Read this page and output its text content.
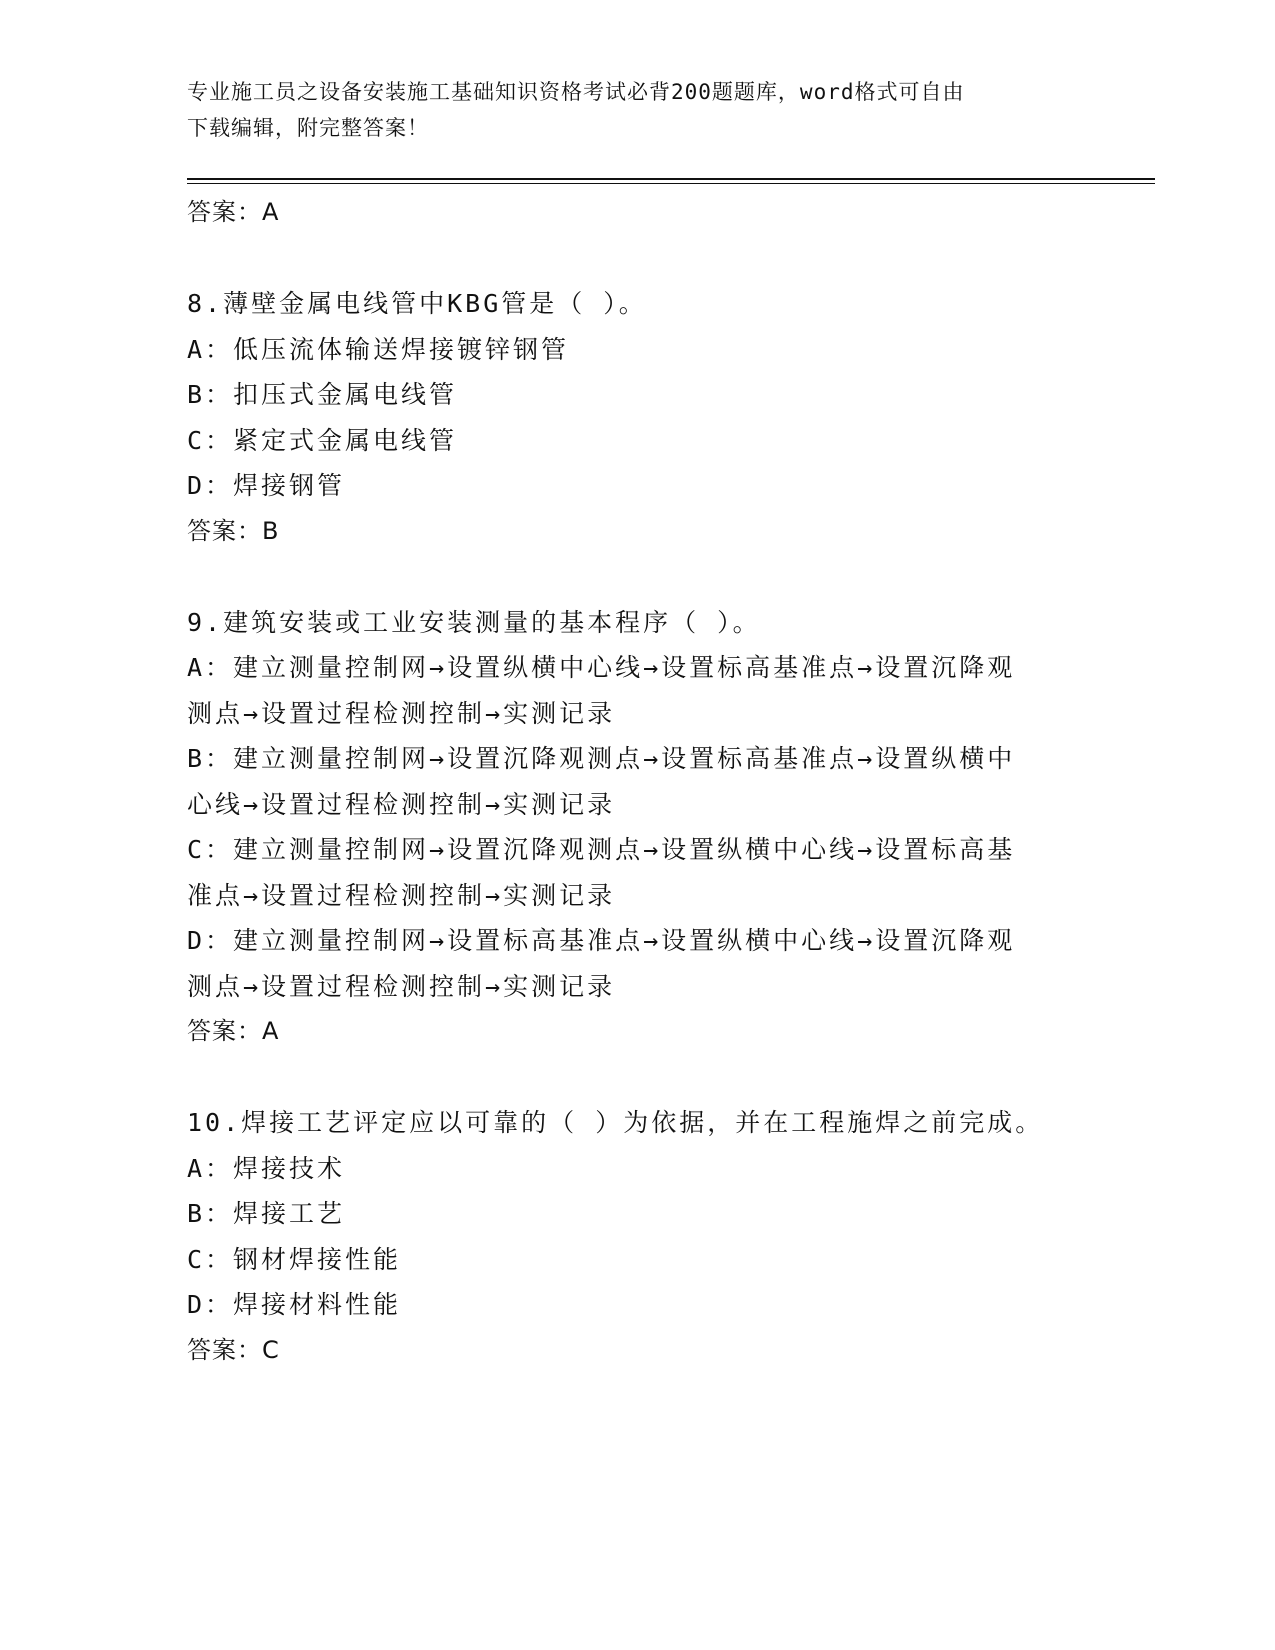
专业施工员之设备安装施工基础知识资格考试必背200题题库，word格式可自由
下载编辑，附完整答案！
答案：A
8.薄壁金属电线管中KBG管是（ ）。
A：低压流体输送焊接镀锌钢管
B：扣压式金属电线管
C：紧定式金属电线管
D：焊接钢管
答案：B
9.建筑安装或工业安装测量的基本程序（ ）。
A：建立测量控制网→设置纵横中心线→设置标高基准点→设置沉降观
测点→设置过程检测控制→实测记录
B：建立测量控制网→设置沉降观测点→设置标高基准点→设置纵横中
心线→设置过程检测控制→实测记录
C：建立测量控制网→设置沉降观测点→设置纵横中心线→设置标高基
准点→设置过程检测控制→实测记录
D：建立测量控制网→设置标高基准点→设置纵横中心线→设置沉降观
测点→设置过程检测控制→实测记录
答案：A
10.焊接工艺评定应以可靠的（ ）为依据，并在工程施焊之前完成。
A：焊接技术
B：焊接工艺
C：钢材焊接性能
D：焊接材料性能
答案：C
